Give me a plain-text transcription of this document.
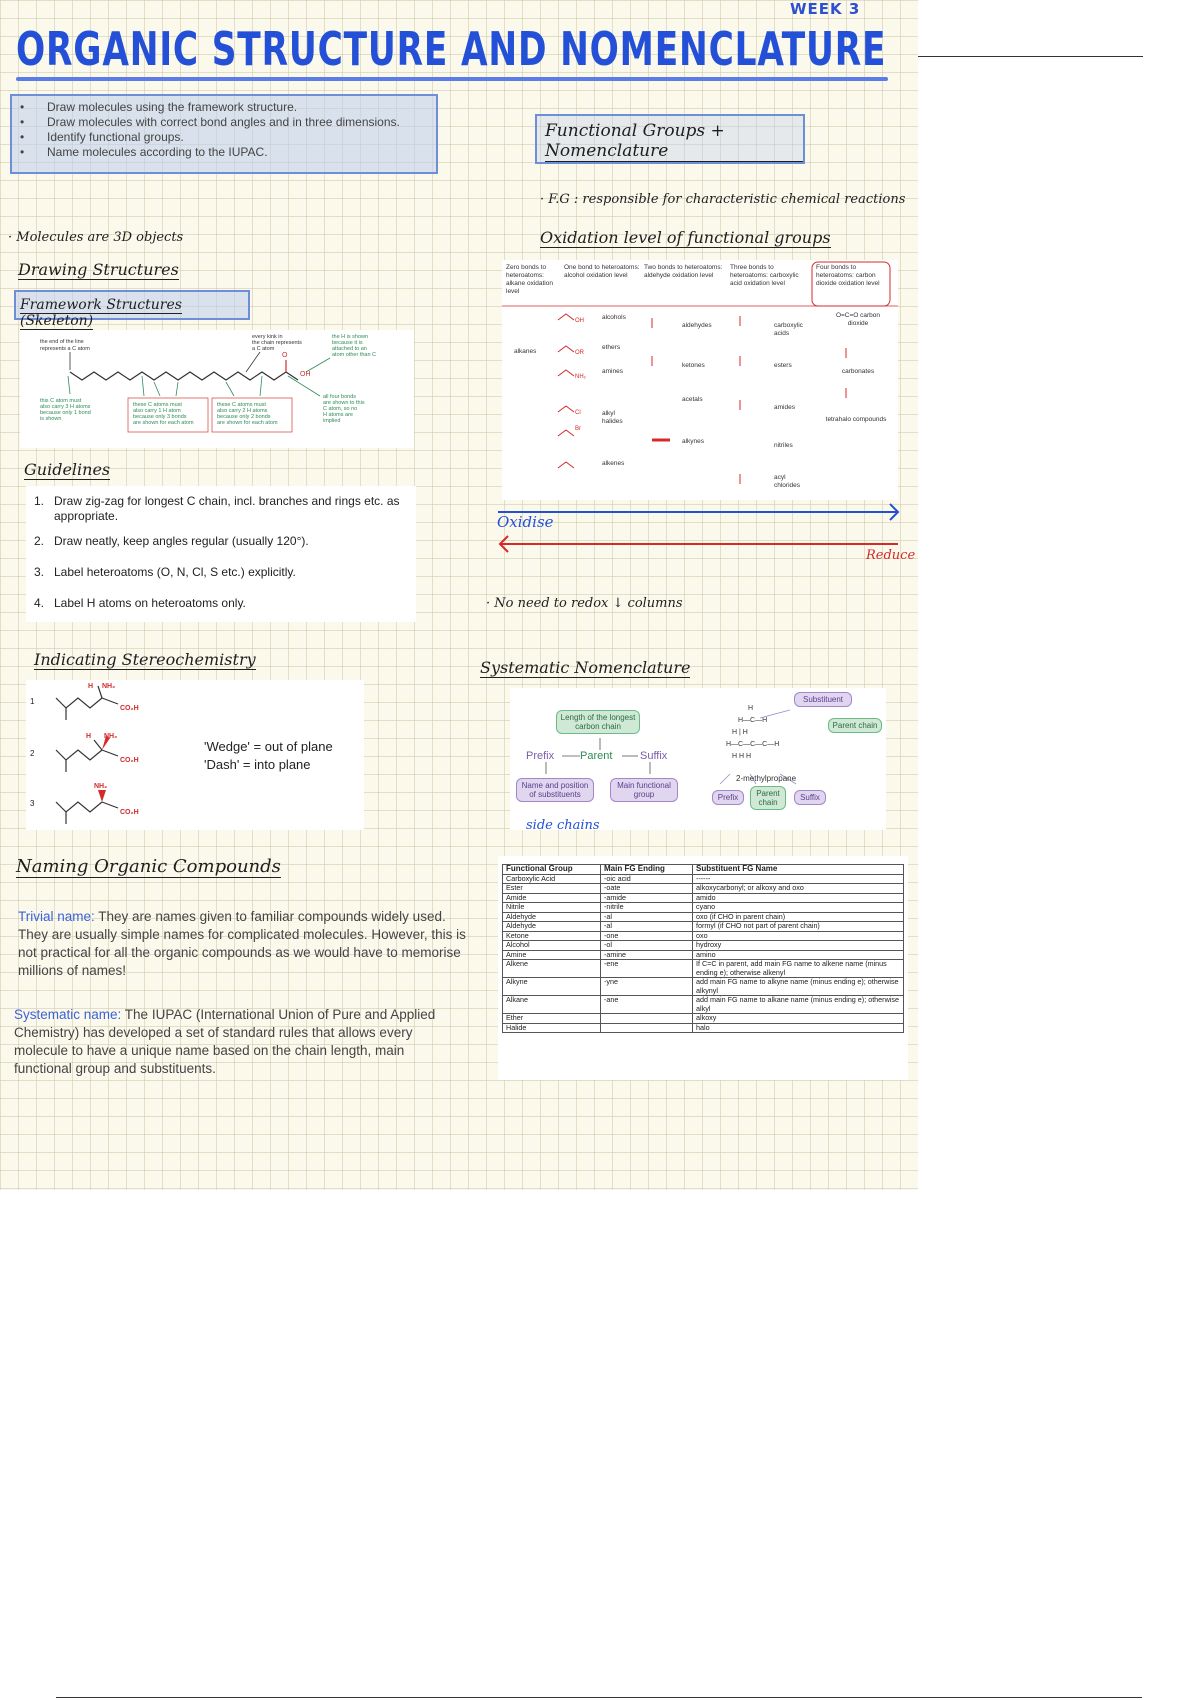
WEEK 3
ORGANIC STRUCTURE AND NOMENCLATURE
•	Draw molecules using the framework structure.
•	Draw molecules with correct bond angles and in three dimensions.
•	Identify functional groups.
•	Name molecules according to the IUPAC.
Functional Groups + Nomenclature
· F.G : responsible for characteristic chemical reactions
· Molecules are 3D objects
Drawing Structures
Framework Structures (Skeleton)
the end of the line
represents a C atom
every kink in
the chain represents
a C atom
the H is shown
because it is
attached to an
atom other than C
this C atom must
also carry 3 H atoms
because only 1 bond
is shown
all four bonds
are shown to this
C atom, so no
H atoms are
implied
these C atoms must
also carry 1 H atom
because only 3 bonds
are shown for each atom
these C atoms must
also carry 2 H atoms
because only 2 bonds
are shown for each atom
O
OH
Guidelines
1. Draw zig-zag for longest C chain, incl. branches and rings etc. as appropriate.
2. Draw neatly, keep angles regular (usually 120°).
3. Label heteroatoms (O, N, Cl, S etc.) explicitly.
4. Label H atoms on heteroatoms only.
Indicating Stereochemistry
1
2
3
H NH₂
CO₂H
H NH₂
CO₂H
NH₂
CO₂H
'Wedge' = out of plane
'Dash' = into plane
Naming Organic Compounds
Trivial name: They are names given to familiar compounds widely used. They are usually simple names for complicated molecules. However, this is not practical for all the organic compounds as we would have to memorise millions of names!
Systematic name: The IUPAC (International Union of Pure and Applied Chemistry) has developed a set of standard rules that allows every molecule to have a unique name based on the chain length, main functional group and substituents.
Oxidation level of functional groups
OH
OR
NH₂
Cl
Br
Zero bonds to heteroatoms: alkane oxidation level
One bond to heteroatoms: alcohol oxidation level
Two bonds to heteroatoms: aldehyde oxidation level
Three bonds to heteroatoms: carboxylic acid oxidation level
Four bonds to heteroatoms: carbon dioxide oxidation level
alkanes
alcohols
ethers
amines
alkyl halides
alkenes
aldehydes
ketones
acetals
alkynes
carboxylic acids
esters
amides
nitriles
acyl chlorides
O=C=O carbon dioxide
carbonates
tetrahalo compounds
Oxidise
Reduce
· No need to redox ↓ columns
Systematic Nomenclature
H
H—C—H
H | H
H—C—C—C—H
H H H
Length of the longest carbon chain
Prefix Parent	Suffix
Name and position of substituents
Main functional group
Substituent
Parent chain
2-methylpropane
Prefix	Parent chain
Suffix
side chains
Functional Group	Main FG Ending	Substituent FG Name
Carboxylic Acid	-oic acid	------
Ester	-oate	alkoxycarbonyl; or alkoxy and oxo
Amide	-amide	amido
Nitrile	-nitrile	cyano
Aldehyde	-al	oxo (if CHO in parent chain)
Aldehyde	-al	formyl (if CHO not part of parent chain)
Ketone	-one	oxo
Alcohol	-ol	hydroxy
Amine	-amine	amino
Alkene	-ene	If C=C in parent, add main FG name to alkene name (minus ending e); otherwise alkenyl
Alkyne	-yne	add main FG name to alkyne name (minus ending e); otherwise alkynyl
Alkane	-ane	add main FG name to alkane name (minus ending e); otherwise alkyl
Ether		alkoxy
Halide		halo
